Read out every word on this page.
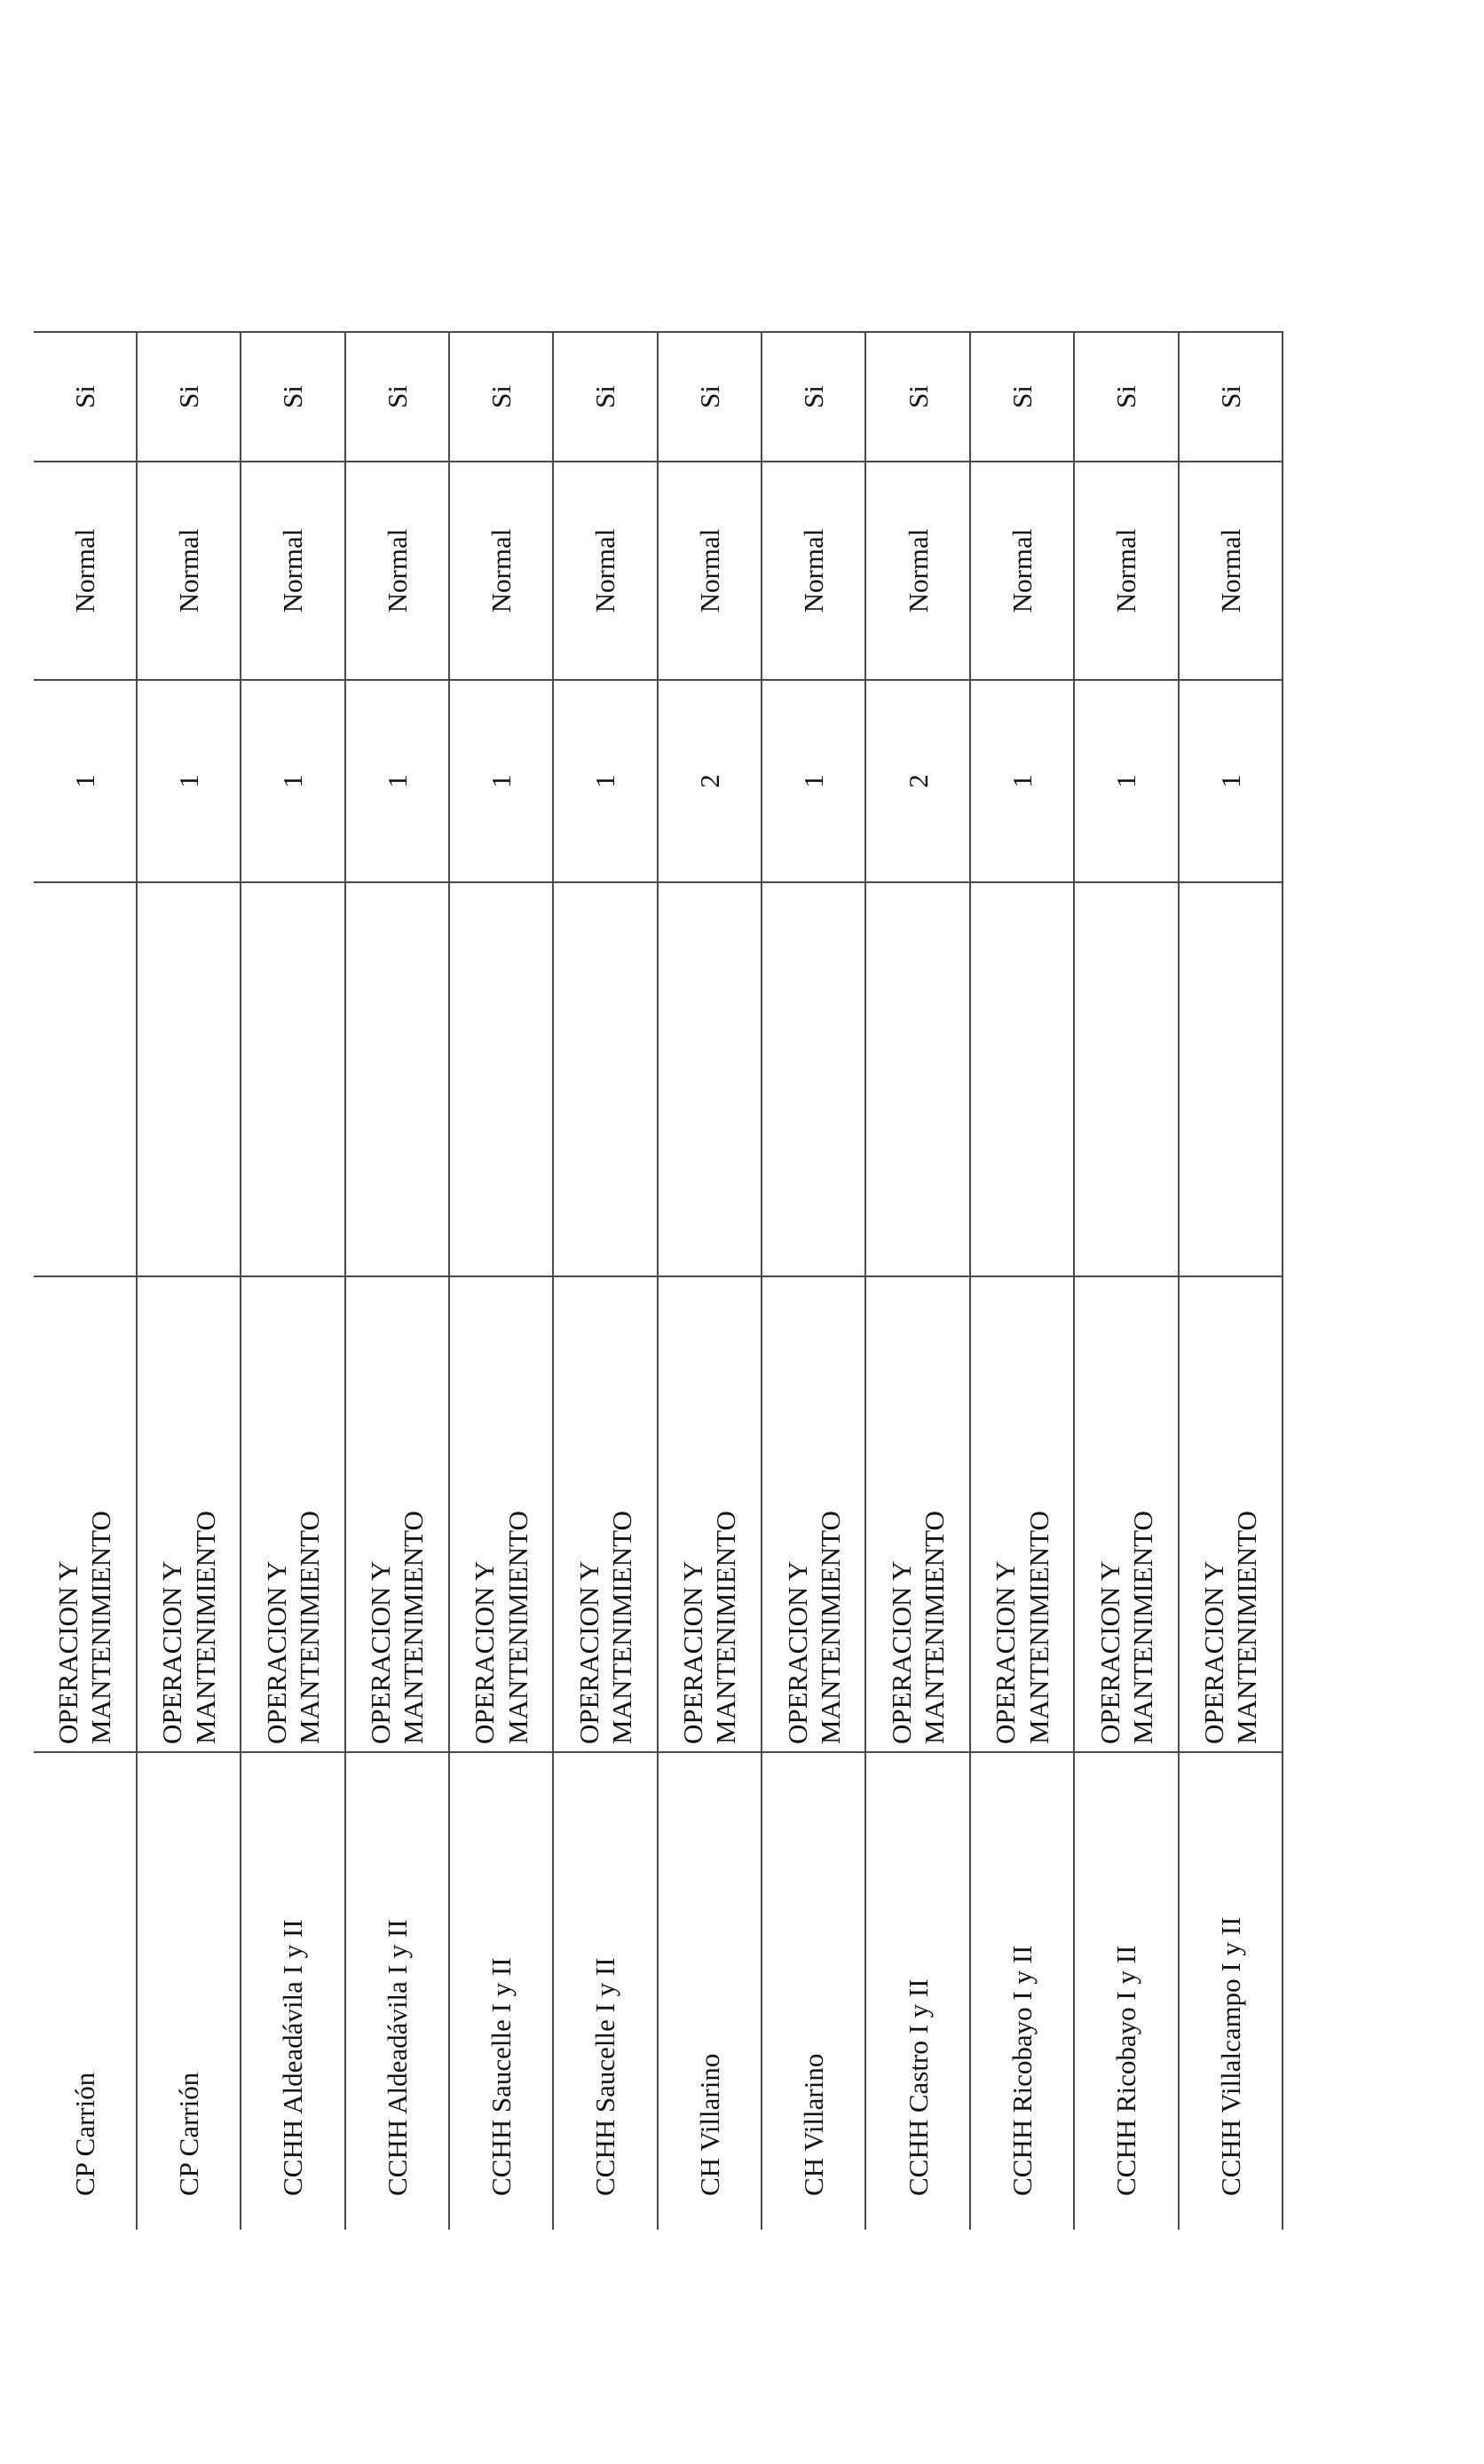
CP Carrión	OPERACION Y
MANTENIMIENTO		1	Normal	Si
CP Carrión	OPERACION Y
MANTENIMIENTO		1	Normal	Si
CCHH Aldeadávila I y II	OPERACION Y
MANTENIMIENTO		1	Normal	Si
CCHH Aldeadávila I y II	OPERACION Y
MANTENIMIENTO		1	Normal	Si
CCHH Saucelle I y II	OPERACION Y
MANTENIMIENTO		1	Normal	Si
CCHH Saucelle I y II	OPERACION Y
MANTENIMIENTO		1	Normal	Si
CH Villarino	OPERACION Y
MANTENIMIENTO		2	Normal	Si
CH Villarino	OPERACION Y
MANTENIMIENTO		1	Normal	Si
CCHH Castro I y II	OPERACION Y
MANTENIMIENTO		2	Normal	Si
CCHH Ricobayo I y II	OPERACION Y
MANTENIMIENTO		1	Normal	Si
CCHH Ricobayo I y II	OPERACION Y
MANTENIMIENTO		1	Normal	Si
CCHH Villalcampo I y II	OPERACION Y
MANTENIMIENTO		1	Normal	Si
